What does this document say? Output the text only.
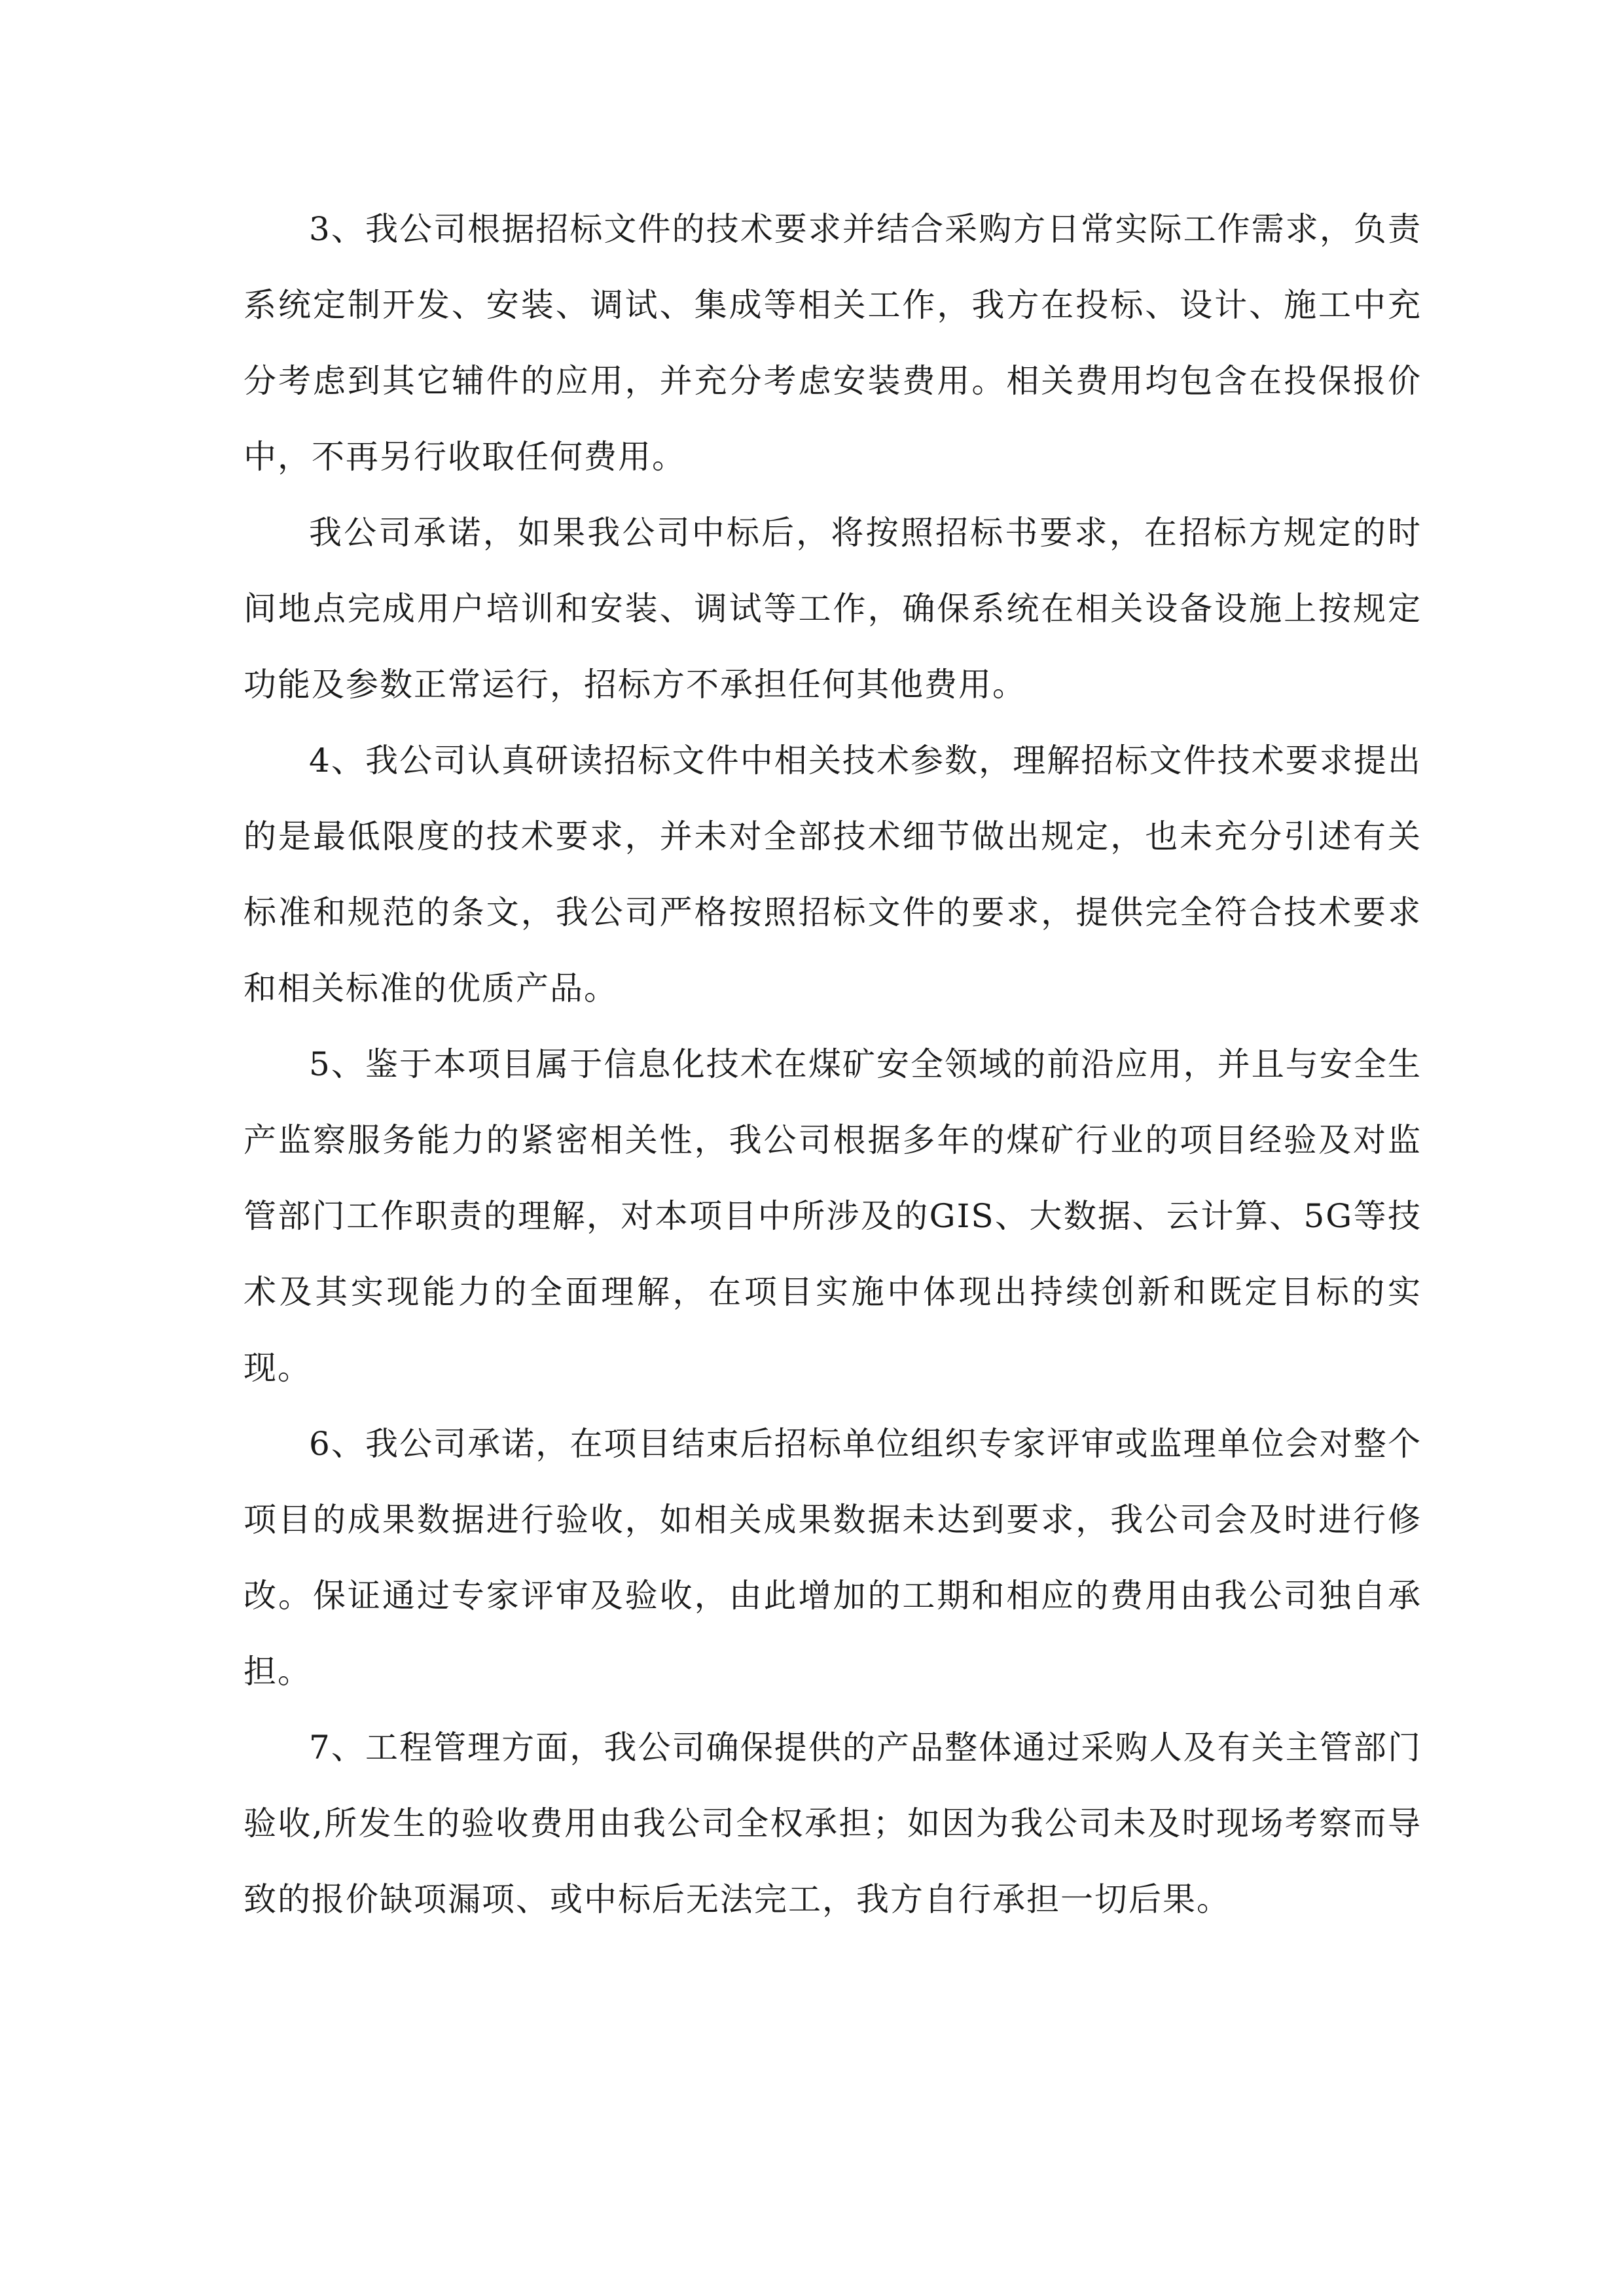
3、我公司根据招标文件的技术要求并结合采购方日常实际工作需求，负责系统定制开发、安装、调试、集成等相关工作，我方在投标、设计、施工中充分考虑到其它辅件的应用，并充分考虑安装费用。相关费用均包含在投保报价中，不再另行收取任何费用。

我公司承诺，如果我公司中标后，将按照招标书要求，在招标方规定的时间地点完成用户培训和安装、调试等工作，确保系统在相关设备设施上按规定功能及参数正常运行，招标方不承担任何其他费用。

4、我公司认真研读招标文件中相关技术参数，理解招标文件技术要求提出的是最低限度的技术要求，并未对全部技术细节做出规定，也未充分引述有关标准和规范的条文，我公司严格按照招标文件的要求，提供完全符合技术要求和相关标准的优质产品。

5、鉴于本项目属于信息化技术在煤矿安全领域的前沿应用，并且与安全生产监察服务能力的紧密相关性，我公司根据多年的煤矿行业的项目经验及对监管部门工作职责的理解，对本项目中所涉及的GIS、大数据、云计算、5G等技术及其实现能力的全面理解，在项目实施中体现出持续创新和既定目标的实现。

6、我公司承诺，在项目结束后招标单位组织专家评审或监理单位会对整个项目的成果数据进行验收，如相关成果数据未达到要求，我公司会及时进行修改。保证通过专家评审及验收，由此增加的工期和相应的费用由我公司独自承担。

7、工程管理方面，我公司确保提供的产品整体通过采购人及有关主管部门验收,所发生的验收费用由我公司全权承担；如因为我公司未及时现场考察而导致的报价缺项漏项、或中标后无法完工，我方自行承担一切后果。
